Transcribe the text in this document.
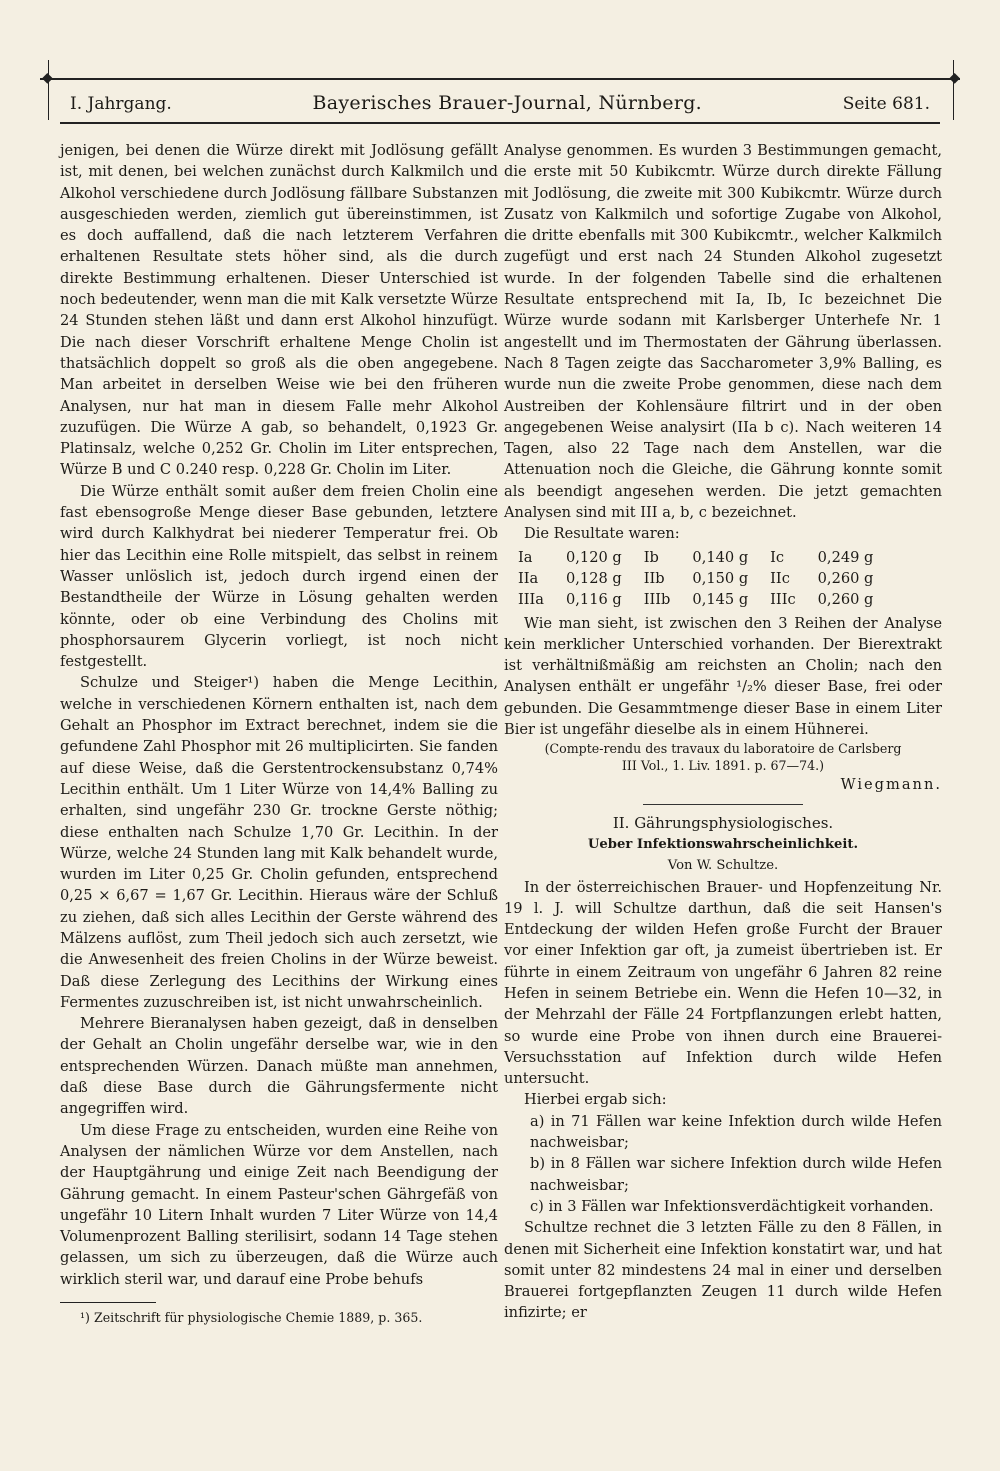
◆	◆
I. Jahrgang.	Bayerisches Brauer-Journal, Nürnberg.	Seite 681.

jenigen, bei denen die Würze direkt mit Jodlösung gefällt ist, mit denen, bei welchen zunächst durch Kalkmilch und Alkohol verschiedene durch Jodlösung fällbare Substanzen ausgeschieden werden, ziemlich gut übereinstimmen, ist es doch auffallend, daß die nach letzterem Verfahren erhaltenen Resultate stets höher sind, als die durch direkte Bestimmung erhaltenen. Dieser Unterschied ist noch bedeutender, wenn man die mit Kalk versetzte Würze 24 Stunden stehen läßt und dann erst Alkohol hinzufügt. Die nach dieser Vorschrift erhaltene Menge Cholin ist thatsächlich doppelt so groß als die oben angegebene. Man arbeitet in derselben Weise wie bei den früheren Analysen, nur hat man in diesem Falle mehr Alkohol zuzufügen. Die Würze A gab, so behandelt, 0,1923 Gr. Platinsalz, welche 0,252 Gr. Cholin im Liter entsprechen, Würze B und C 0.240 resp. 0,228 Gr. Cholin im Liter.

Die Würze enthält somit außer dem freien Cholin eine fast ebensogroße Menge dieser Base gebunden, letztere wird durch Kalkhydrat bei niederer Temperatur frei. Ob hier das Lecithin eine Rolle mitspielt, das selbst in reinem Wasser unlöslich ist, jedoch durch irgend einen der Bestandtheile der Würze in Lösung gehalten werden könnte, oder ob eine Verbindung des Cholins mit phosphorsaurem Glycerin vorliegt, ist noch nicht festgestellt.

Schulze und Steiger¹) haben die Menge Lecithin, welche in verschiedenen Körnern enthalten ist, nach dem Gehalt an Phosphor im Extract berechnet, indem sie die gefundene Zahl Phosphor mit 26 multiplicirten. Sie fanden auf diese Weise, daß die Gerstentrockensubstanz 0,74% Lecithin enthält. Um 1 Liter Würze von 14,4% Balling zu erhalten, sind ungefähr 230 Gr. trockne Gerste nöthig; diese enthalten nach Schulze 1,70 Gr. Lecithin. In der Würze, welche 24 Stunden lang mit Kalk behandelt wurde, wurden im Liter 0,25 Gr. Cholin gefunden, entsprechend 0,25 × 6,67 = 1,67 Gr. Lecithin. Hieraus wäre der Schluß zu ziehen, daß sich alles Lecithin der Gerste während des Mälzens auflöst, zum Theil jedoch sich auch zersetzt, wie die Anwesenheit des freien Cholins in der Würze beweist. Daß diese Zerlegung des Lecithins der Wirkung eines Fermentes zuzuschreiben ist, ist nicht unwahrscheinlich.

Mehrere Bieranalysen haben gezeigt, daß in denselben der Gehalt an Cholin ungefähr derselbe war, wie in den entsprechenden Würzen. Danach müßte man annehmen, daß diese Base durch die Gährungsfermente nicht angegriffen wird.

Um diese Frage zu entscheiden, wurden eine Reihe von Analysen der nämlichen Würze vor dem Anstellen, nach der Hauptgährung und einige Zeit nach Beendigung der Gährung gemacht. In einem Pasteur'schen Gährgefäß von ungefähr 10 Litern Inhalt wurden 7 Liter Würze von 14,4 Volumenprozent Balling sterilisirt, sodann 14 Tage stehen gelassen, um sich zu überzeugen, daß die Würze auch wirklich steril war, und darauf eine Probe behufs

¹) Zeitschrift für physiologische Chemie 1889, p. 365.

Analyse genommen. Es wurden 3 Bestimmungen gemacht, die erste mit 50 Kubikcmtr. Würze durch direkte Fällung mit Jodlösung, die zweite mit 300 Kubikcmtr. Würze durch Zusatz von Kalkmilch und sofortige Zugabe von Alkohol, die dritte ebenfalls mit 300 Kubikcmtr., welcher Kalkmilch zugefügt und erst nach 24 Stunden Alkohol zugesetzt wurde. In der folgenden Tabelle sind die erhaltenen Resultate entsprechend mit Ia, Ib, Ic bezeichnet Die Würze wurde sodann mit Karlsberger Unterhefe Nr. 1 angestellt und im Thermostaten der Gährung überlassen. Nach 8 Tagen zeigte das Saccharometer 3,9% Balling, es wurde nun die zweite Probe genommen, diese nach dem Austreiben der Kohlensäure filtrirt und in der oben angegebenen Weise analysirt (IIa b c). Nach weiteren 14 Tagen, also 22 Tage nach dem Anstellen, war die Attenuation noch die Gleiche, die Gährung konnte somit als beendigt angesehen werden. Die jetzt gemachten Analysen sind mit III a, b, c bezeichnet.

Die Resultate waren:

Ia	0,120 g	Ib	0,140 g	Ic	0,249 g
IIa	0,128 g	IIb	0,150 g	IIc	0,260 g
IIIa	0,116 g	IIIb	0,145 g	IIIc	0,260 g

Wie man sieht, ist zwischen den 3 Reihen der Analyse kein merklicher Unterschied vorhanden. Der Bierextrakt ist verhältnißmäßig am reichsten an Cholin; nach den Analysen enthält er ungefähr ¹/₂% dieser Base, frei oder gebunden. Die Gesammtmenge dieser Base in einem Liter Bier ist ungefähr dieselbe als in einem Hühnerei.

(Compte-rendu des travaux du laboratoire de Carlsberg

III Vol., 1. Liv. 1891. p. 67—74.)

Wiegmann.

II. Gährungsphysiologisches.

Ueber Infektionswahrscheinlichkeit.

Von W. Schultze.

In der österreichischen Brauer- und Hopfenzeitung Nr. 19 l. J. will Schultze darthun, daß die seit Hansen's Entdeckung der wilden Hefen große Furcht der Brauer vor einer Infektion gar oft, ja zumeist übertrieben ist. Er führte in einem Zeitraum von ungefähr 6 Jahren 82 reine Hefen in seinem Betriebe ein. Wenn die Hefen 10—32, in der Mehrzahl der Fälle 24 Fortpflanzungen erlebt hatten, so wurde eine Probe von ihnen durch eine Brauerei-Versuchsstation auf Infektion durch wilde Hefen untersucht.

Hierbei ergab sich:

a) in 71 Fällen war keine Infektion durch wilde Hefen nachweisbar;

b) in 8 Fällen war sichere Infektion durch wilde Hefen nachweisbar;

c) in 3 Fällen war Infektionsverdächtigkeit vorhanden.

Schultze rechnet die 3 letzten Fälle zu den 8 Fällen, in denen mit Sicherheit eine Infektion konstatirt war, und hat somit unter 82 mindestens 24 mal in einer und derselben Brauerei fortgepflanzten Zeugen 11 durch wilde Hefen infizirte; er
